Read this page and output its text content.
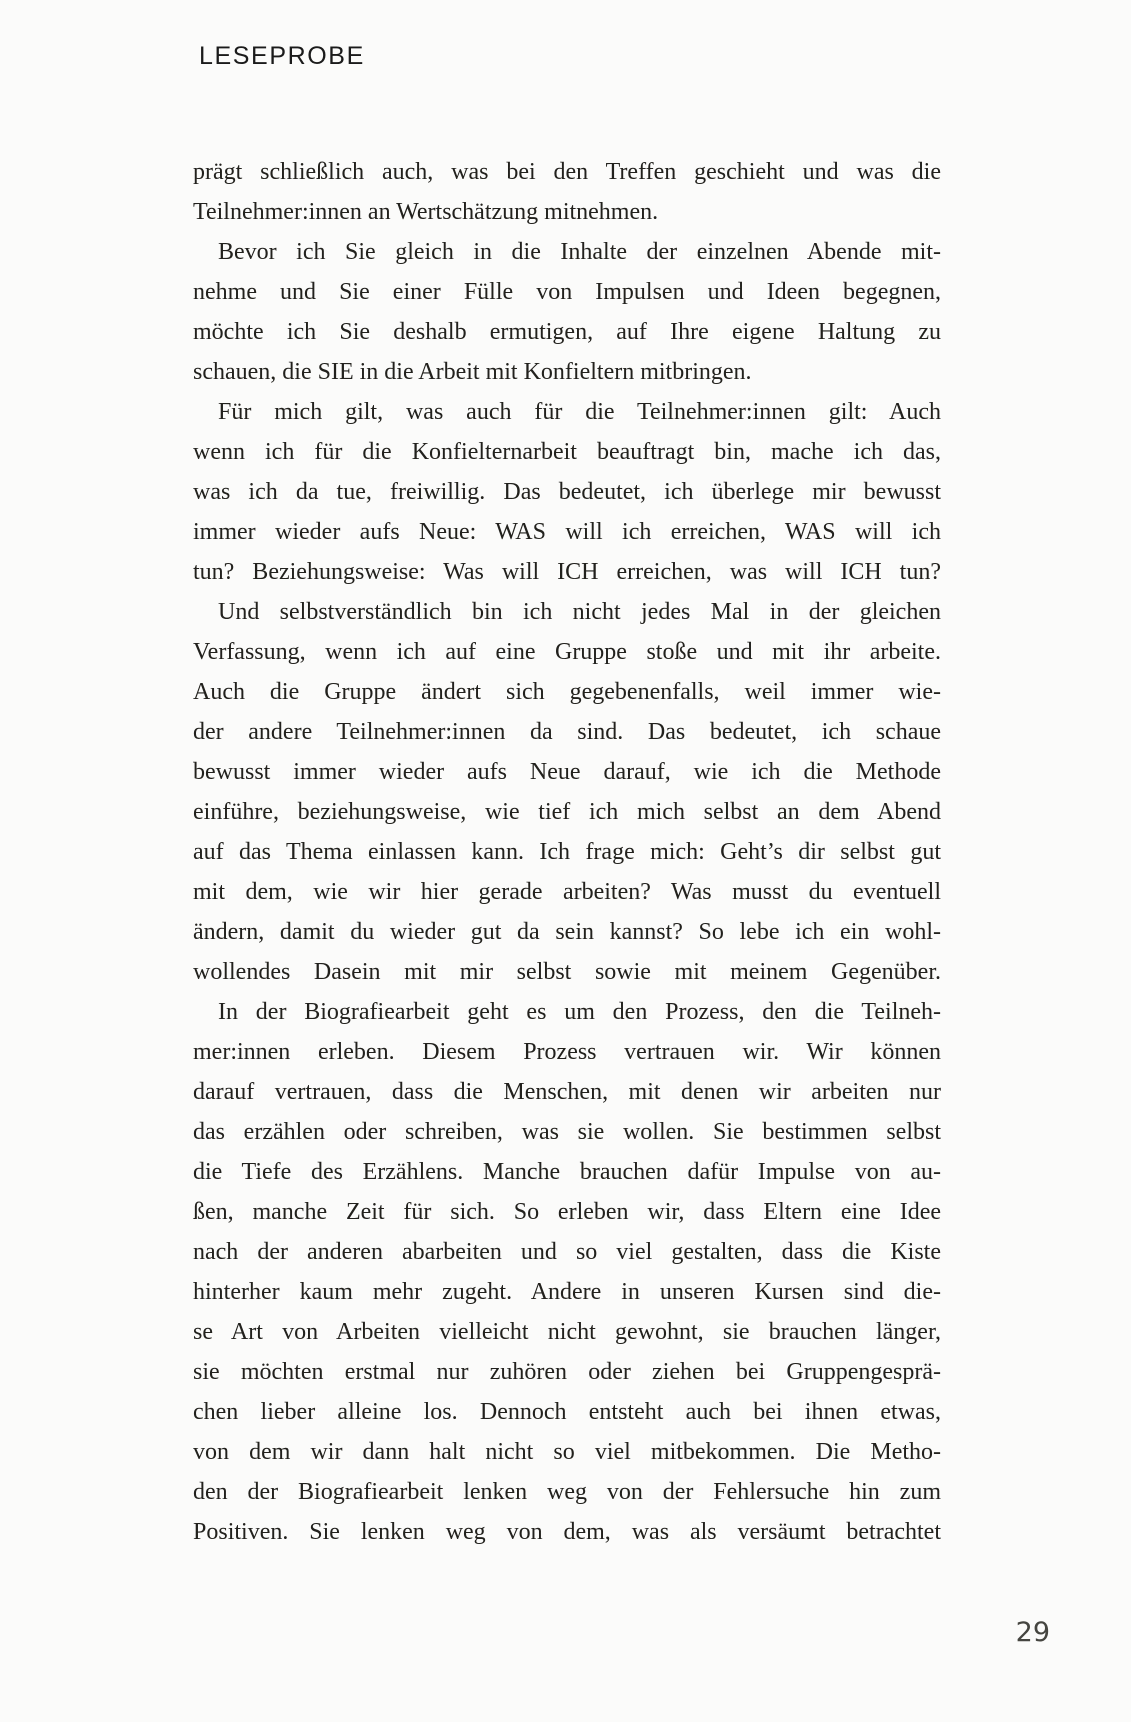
LESEPROBE
prägt schließlich auch, was bei den Treffen geschieht und was die
Teilnehmer:innen an Wertschätzung mitnehmen.
Bevor ich Sie gleich in die Inhalte der einzelnen Abende mit-
nehme und Sie einer Fülle von Impulsen und Ideen begegnen,
möchte ich Sie deshalb ermutigen, auf Ihre eigene Haltung zu
schauen, die SIE in die Arbeit mit Konfieltern mitbringen.
Für mich gilt, was auch für die Teilnehmer:innen gilt: Auch
wenn ich für die Konfielternarbeit beauftragt bin, mache ich das,
was ich da tue, freiwillig. Das bedeutet, ich überlege mir bewusst
immer wieder aufs Neue: WAS will ich erreichen, WAS will ich
tun? Beziehungsweise: Was will ICH erreichen, was will ICH tun?
Und selbstverständlich bin ich nicht jedes Mal in der gleichen
Verfassung, wenn ich auf eine Gruppe stoße und mit ihr arbeite.
Auch die Gruppe ändert sich gegebenenfalls, weil immer wie-
der andere Teilnehmer:innen da sind. Das bedeutet, ich schaue
bewusst immer wieder aufs Neue darauf, wie ich die Methode
einführe, beziehungsweise, wie tief ich mich selbst an dem Abend
auf das Thema einlassen kann. Ich frage mich: Geht’s dir selbst gut
mit dem, wie wir hier gerade arbeiten? Was musst du eventuell
ändern, damit du wieder gut da sein kannst? So lebe ich ein wohl-
wollendes Dasein mit mir selbst sowie mit meinem Gegenüber.
In der Biografiearbeit geht es um den Prozess, den die Teilneh-
mer:innen erleben. Diesem Prozess vertrauen wir. Wir können
darauf vertrauen, dass die Menschen, mit denen wir arbeiten nur
das erzählen oder schreiben, was sie wollen. Sie bestimmen selbst
die Tiefe des Erzählens. Manche brauchen dafür Impulse von au-
ßen, manche Zeit für sich. So erleben wir, dass Eltern eine Idee
nach der anderen abarbeiten und so viel gestalten, dass die Kiste
hinterher kaum mehr zugeht. Andere in unseren Kursen sind die-
se Art von Arbeiten vielleicht nicht gewohnt, sie brauchen länger,
sie möchten erstmal nur zuhören oder ziehen bei Gruppengesprä-
chen lieber alleine los. Dennoch entsteht auch bei ihnen etwas,
von dem wir dann halt nicht so viel mitbekommen. Die Metho-
den der Biografiearbeit lenken weg von der Fehlersuche hin zum
Positiven. Sie lenken weg von dem, was als versäumt betrachtet
29
